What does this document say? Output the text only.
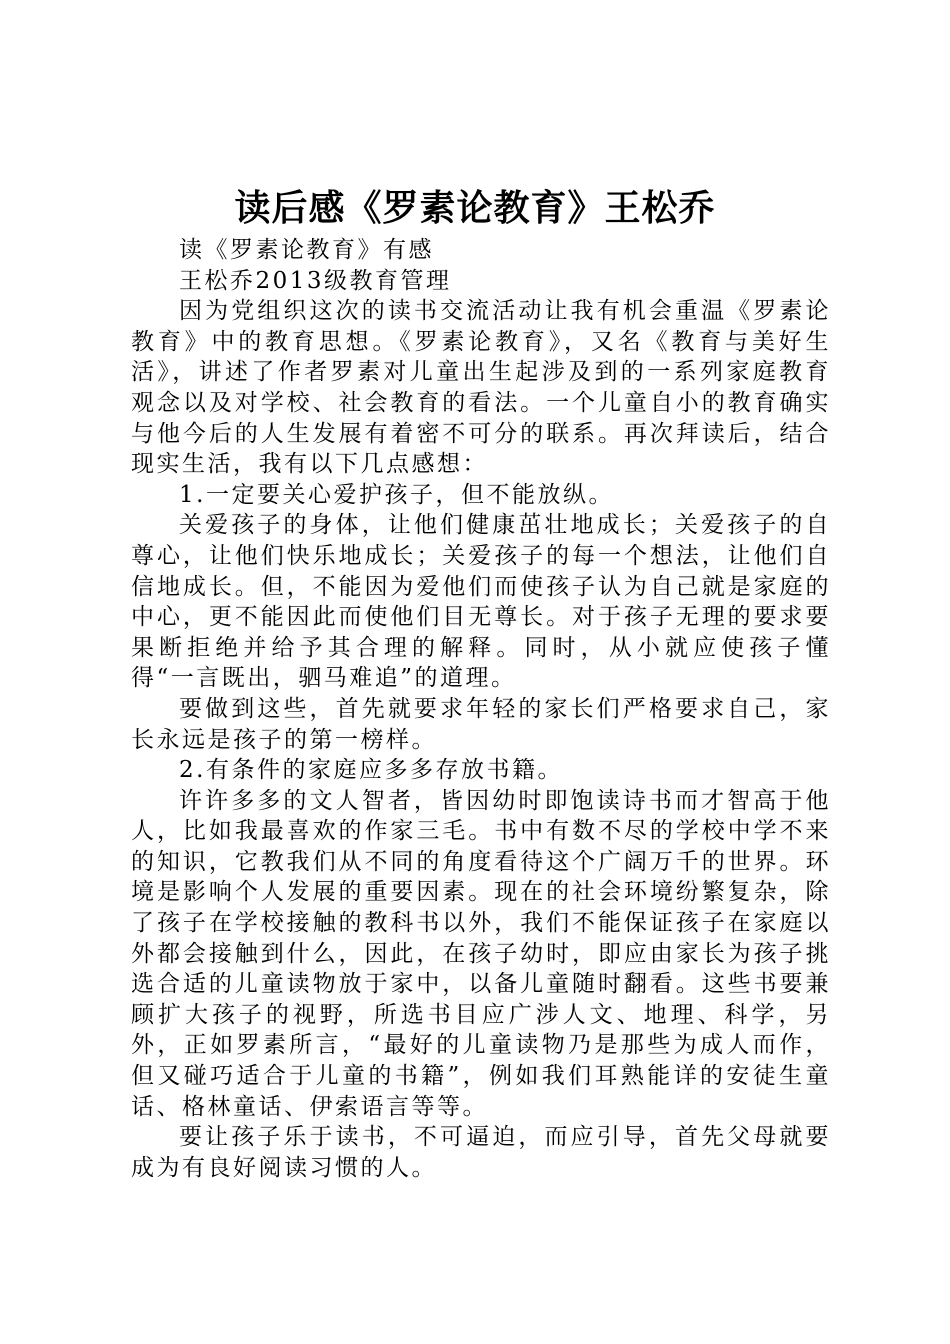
读后感《罗素论教育》王松乔

读《罗素论教育》有感

王松乔2013级教育管理

因为党组织这次的读书交流活动让我有机会重温《罗素论教育》中的教育思想。《罗素论教育》，又名《教育与美好生活》，讲述了作者罗素对儿童出生起涉及到的一系列家庭教育观念以及对学校、社会教育的看法。一个儿童自小的教育确实与他今后的人生发展有着密不可分的联系。再次拜读后，结合现实生活，我有以下几点感想：

1.一定要关心爱护孩子，但不能放纵。

关爱孩子的身体，让他们健康茁壮地成长；关爱孩子的自尊心，让他们快乐地成长；关爱孩子的每一个想法，让他们自信地成长。但，不能因为爱他们而使孩子认为自己就是家庭的中心，更不能因此而使他们目无尊长。对于孩子无理的要求要果断拒绝并给予其合理的解释。同时，从小就应使孩子懂得“一言既出，驷马难追”的道理。

要做到这些，首先就要求年轻的家长们严格要求自己，家长永远是孩子的第一榜样。

2.有条件的家庭应多多存放书籍。

许许多多的文人智者，皆因幼时即饱读诗书而才智高于他人，比如我最喜欢的作家三毛。书中有数不尽的学校中学不来的知识，它教我们从不同的角度看待这个广阔万千的世界。环境是影响个人发展的重要因素。现在的社会环境纷繁复杂，除了孩子在学校接触的教科书以外，我们不能保证孩子在家庭以外都会接触到什么，因此，在孩子幼时，即应由家长为孩子挑选合适的儿童读物放于家中，以备儿童随时翻看。这些书要兼顾扩大孩子的视野，所选书目应广涉人文、地理、科学，另外，正如罗素所言，“最好的儿童读物乃是那些为成人而作，但又碰巧适合于儿童的书籍”，例如我们耳熟能详的安徒生童话、格林童话、伊索语言等等。

要让孩子乐于读书，不可逼迫，而应引导，首先父母就要成为有良好阅读习惯的人。
